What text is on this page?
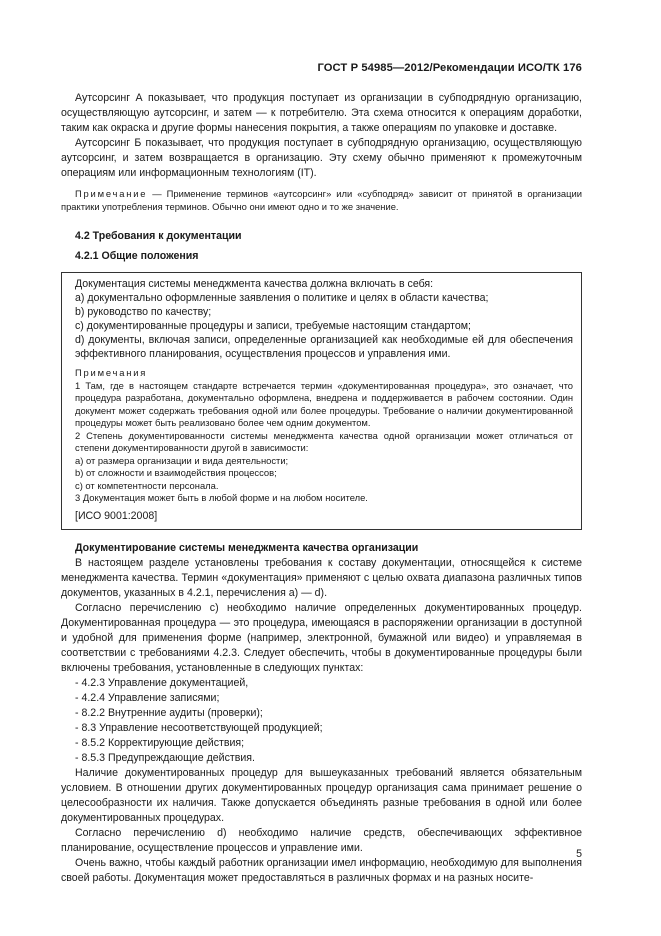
ГОСТ Р 54985—2012/Рекомендации ИСО/ТК 176

Аутсорсинг А показывает, что продукция поступает из организации в субподрядную организацию, осуществляющую аутсорсинг, и затем — к потребителю. Эта схема относится к операциям доработки, таким как окраска и другие формы нанесения покрытия, а также операциям по упаковке и доставке.

Аутсорсинг Б показывает, что продукция поступает в субподрядную организацию, осуществляющую аутсорсинг, и затем возвращается в организацию. Эту схему обычно применяют к промежуточным операциям или информационным технологиям (IT).

Примечание — Применение терминов «аутсорсинг» или «субподряд» зависит от принятой в организации практики употребления терминов. Обычно они имеют одно и то же значение.

4.2 Требования к документации
4.2.1 Общие положения

Документация системы менеджмента качества должна включать в себя:

a) документально оформленные заявления о политике и целях в области качества;

b) руководство по качеству;

c) документированные процедуры и записи, требуемые настоящим стандартом;

d) документы, включая записи, определенные организацией как необходимые ей для обеспечения эффективного планирования, осуществления процессов и управления ими.

Примечания

1 Там, где в настоящем стандарте встречается термин «документированная процедура», это означает, что процедура разработана, документально оформлена, внедрена и поддерживается в рабочем состоянии. Один документ может содержать требования одной или более процедуры. Требование о наличии документированной процедуры может быть реализовано более чем одним документом.

2 Степень документированности системы менеджмента качества одной организации может отличаться от степени документированности другой в зависимости:

a) от размера организации и вида деятельности;

b) от сложности и взаимодействия процессов;

c) от компетентности персонала.

3 Документация может быть в любой форме и на любом носителе.

[ИСО 9001:2008]

Документирование системы менеджмента качества организации

В настоящем разделе установлены требования к составу документации, относящейся к системе менеджмента качества. Термин «документация» применяют с целью охвата диапазона различных типов документов, указанных в 4.2.1, перечисления а) — d).

Согласно перечислению с) необходимо наличие определенных документированных процедур. Документированная процедура — это процедура, имеющаяся в распоряжении организации в доступной и удобной для применения форме (например, электронной, бумажной или видео) и управляемая в соответствии с требованиями 4.2.3. Следует обеспечить, чтобы в документированные процедуры были включены требования, установленные в следующих пунктах:

- 4.2.3 Управление документацией,

- 4.2.4 Управление записями;

- 8.2.2 Внутренние аудиты (проверки);

- 8.3 Управление несоответствующей продукцией;

- 8.5.2 Корректирующие действия;

- 8.5.3 Предупреждающие действия.

Наличие документированных процедур для вышеуказанных требований является обязательным условием. В отношении других документированных процедур организация сама принимает решение о целесообразности их наличия. Также допускается объединять разные требования в одной или более документированных процедурах.

Согласно перечислению d) необходимо наличие средств, обеспечивающих эффективное планирование, осуществление процессов и управление ими.

Очень важно, чтобы каждый работник организации имел информацию, необходимую для выполнения своей работы. Документация может предоставляться в различных формах и на разных носите-

5
